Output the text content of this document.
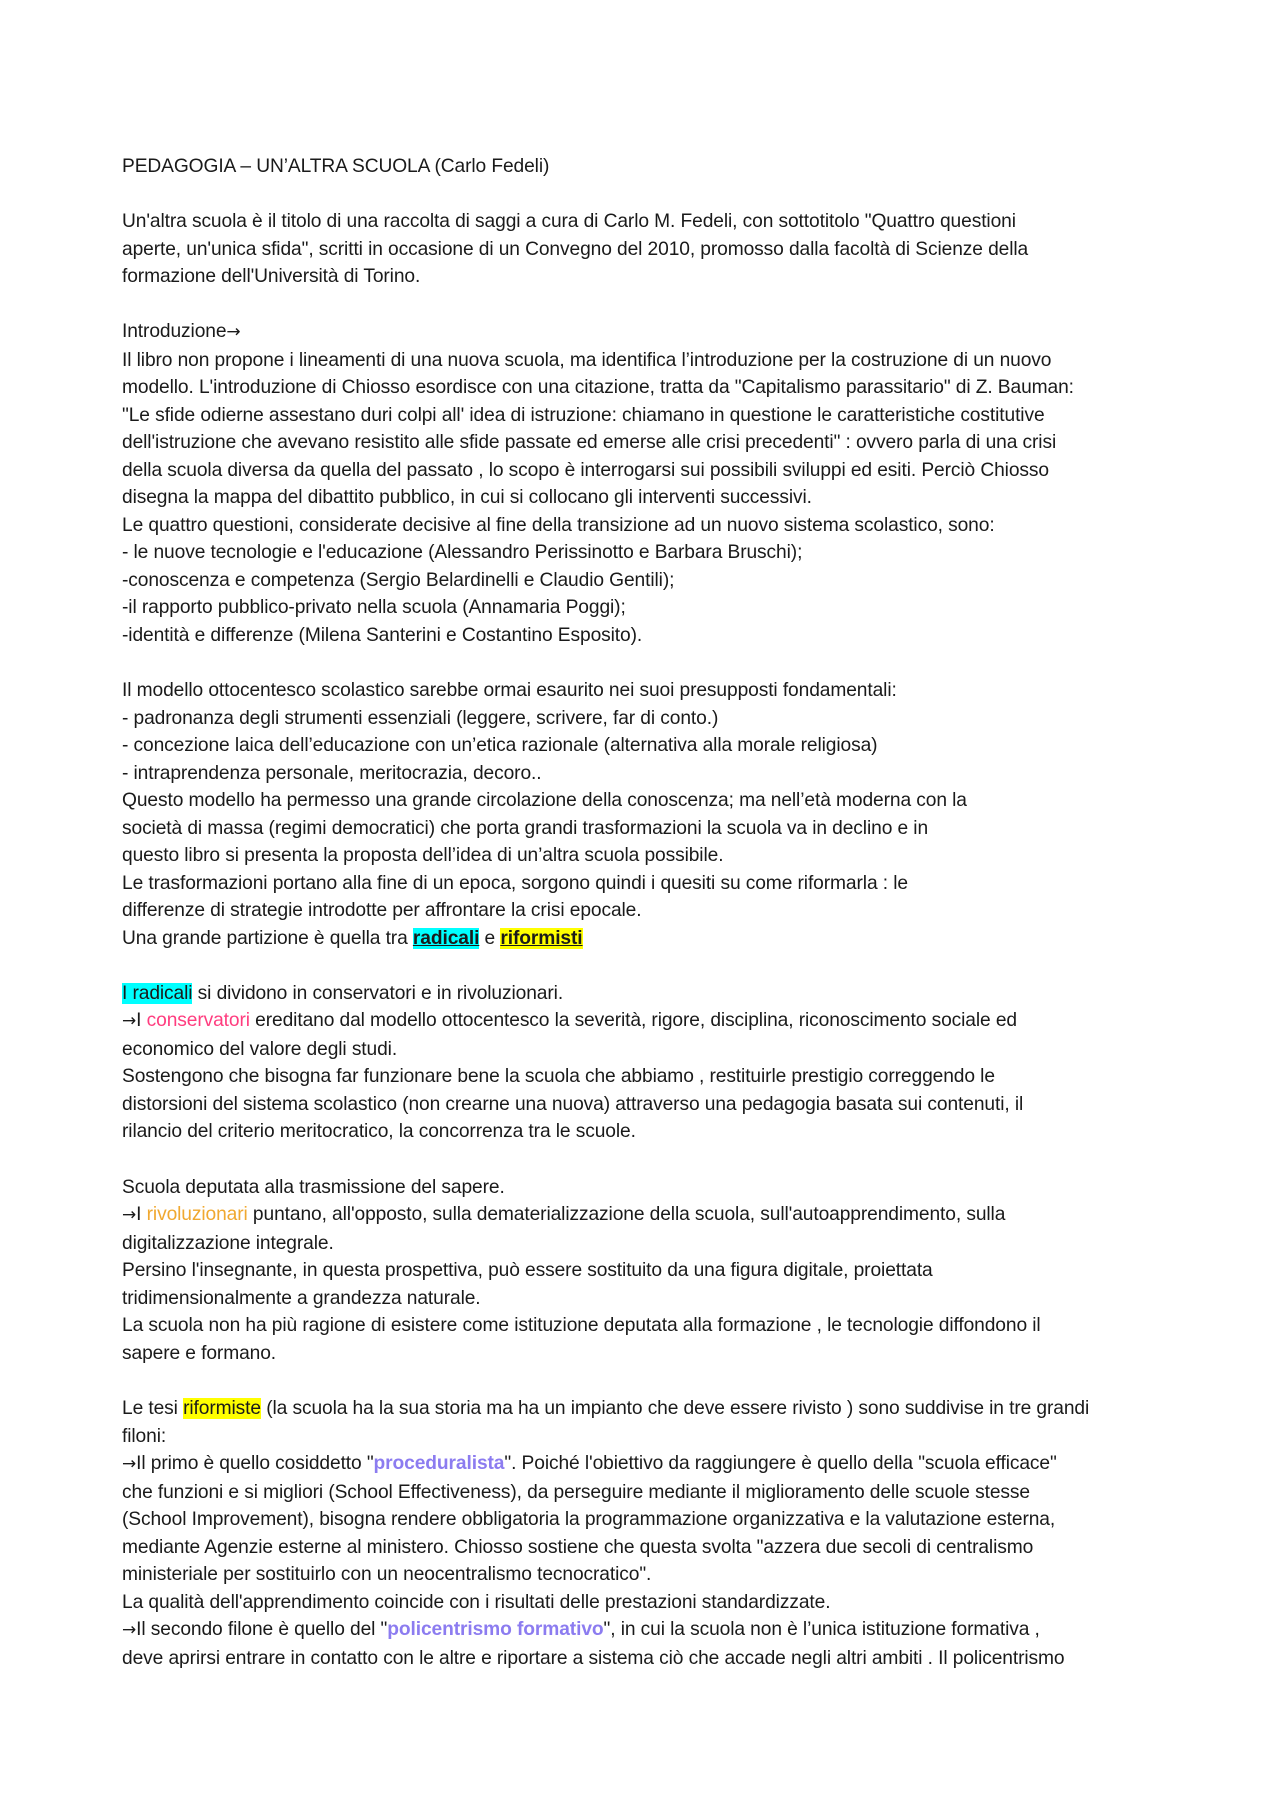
PEDAGOGIA – UN’ALTRA SCUOLA (Carlo Fedeli)

Un'altra scuola è il titolo di una raccolta di saggi a cura di Carlo M. Fedeli, con sottotitolo "Quattro questioni
aperte, un'unica sfida", scritti in occasione di un Convegno del 2010, promosso dalla facoltà di Scienze della
formazione dell'Università di Torino.

Introduzione→
Il libro non propone i lineamenti di una nuova scuola, ma identifica l’introduzione per la costruzione di un nuovo
modello. L'introduzione di Chiosso esordisce con una citazione, tratta da "Capitalismo parassitario" di Z. Bauman:
"Le sfide odierne assestano duri colpi all' idea di istruzione: chiamano in questione le caratteristiche costitutive
dell'istruzione che avevano resistito alle sfide passate ed emerse alle crisi precedenti" : ovvero parla di una crisi
della scuola diversa da quella del passato , lo scopo è interrogarsi sui possibili sviluppi ed esiti. Perciò Chiosso
disegna la mappa del dibattito pubblico, in cui si collocano gli interventi successivi.
Le quattro questioni, considerate decisive al fine della transizione ad un nuovo sistema scolastico, sono:
- le nuove tecnologie e l'educazione (Alessandro Perissinotto e Barbara Bruschi);
-conoscenza e competenza (Sergio Belardinelli e Claudio Gentili);
-il rapporto pubblico-privato nella scuola (Annamaria Poggi);
-identità e differenze (Milena Santerini e Costantino Esposito).

Il modello ottocentesco scolastico sarebbe ormai esaurito nei suoi presupposti fondamentali:
- padronanza degli strumenti essenziali (leggere, scrivere, far di conto.)
- concezione laica dell’educazione con un’etica razionale (alternativa alla morale religiosa)
- intraprendenza personale, meritocrazia, decoro..
Questo modello ha permesso una grande circolazione della conoscenza; ma nell’età moderna con la
società di massa (regimi democratici) che porta grandi trasformazioni la scuola va in declino e in
questo libro si presenta la proposta dell’idea di un’altra scuola possibile.
Le trasformazioni portano alla fine di un epoca, sorgono quindi i quesiti su come riformarla : le
differenze di strategie introdotte per affrontare la crisi epocale.
Una grande partizione è quella tra radicali e riformisti

I radicali si dividono in conservatori e in rivoluzionari.
→I conservatori ereditano dal modello ottocentesco la severità, rigore, disciplina, riconoscimento sociale ed
economico del valore degli studi.
Sostengono che bisogna far funzionare bene la scuola che abbiamo , restituirle prestigio correggendo le
distorsioni del sistema scolastico (non crearne una nuova) attraverso una pedagogia basata sui contenuti, il
rilancio del criterio meritocratico, la concorrenza tra le scuole.

Scuola deputata alla trasmissione del sapere.
→I rivoluzionari puntano, all'opposto, sulla dematerializzazione della scuola, sull'autoapprendimento, sulla
digitalizzazione integrale.
Persino l'insegnante, in questa prospettiva, può essere sostituito da una figura digitale, proiettata
tridimensionalmente a grandezza naturale.
La scuola non ha più ragione di esistere come istituzione deputata alla formazione , le tecnologie diffondono il
sapere e formano.

Le tesi riformiste (la scuola ha la sua storia ma ha un impianto che deve essere rivisto ) sono suddivise in tre grandi
filoni:
→Il primo è quello cosiddetto "proceduralista". Poiché l'obiettivo da raggiungere è quello della "scuola efficace"
che funzioni e si migliori (School Effectiveness), da perseguire mediante il miglioramento delle scuole stesse
(School Improvement), bisogna rendere obbligatoria la programmazione organizzativa e la valutazione esterna,
mediante Agenzie esterne al ministero. Chiosso sostiene che questa svolta "azzera due secoli di centralismo
ministeriale per sostituirlo con un neocentralismo tecnocratico".
La qualità dell'apprendimento coincide con i risultati delle prestazioni standardizzate.
→Il secondo filone è quello del "policentrismo formativo", in cui la scuola non è l’unica istituzione formativa ,
deve aprirsi entrare in contatto con le altre e riportare a sistema ciò che accade negli altri ambiti . Il policentrismo
